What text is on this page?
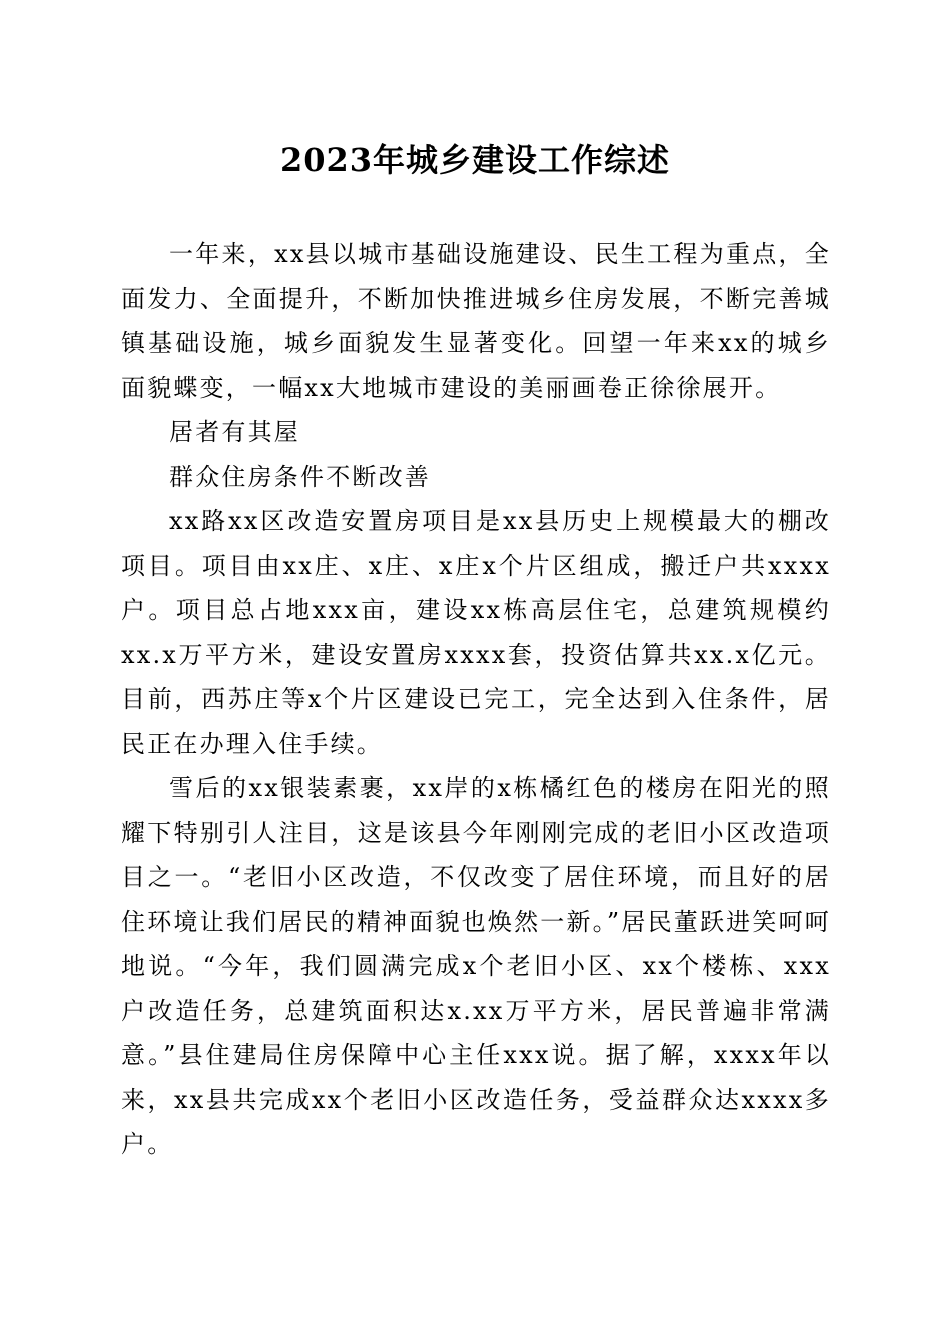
2023年城乡建设工作综述

一年来，xx县以城市基础设施建设、民生工程为重点，全面发力、全面提升，不断加快推进城乡住房发展，不断完善城镇基础设施，城乡面貌发生显著变化。回望一年来xx的城乡面貌蝶变，一幅xx大地城市建设的美丽画卷正徐徐展开。

居者有其屋

群众住房条件不断改善

xx路xx区改造安置房项目是xx县历史上规模最大的棚改项目。项目由xx庄、x庄、x庄x个片区组成，搬迁户共xxxx户。项目总占地xxx亩，建设xx栋高层住宅，总建筑规模约xx.x万平方米，建设安置房xxxx套，投资估算共xx.x亿元。目前，西苏庄等x个片区建设已完工，完全达到入住条件，居民正在办理入住手续。

雪后的xx银装素裹，xx岸的x栋橘红色的楼房在阳光的照耀下特别引人注目，这是该县今年刚刚完成的老旧小区改造项目之一。“老旧小区改造，不仅改变了居住环境，而且好的居住环境让我们居民的精神面貌也焕然一新。”居民董跃进笑呵呵地说。“今年，我们圆满完成x个老旧小区、xx个楼栋、xxx户改造任务，总建筑面积达x.xx万平方米，居民普遍非常满意。”县住建局住房保障中心主任xxx说。据了解，xxxx年以来，xx县共完成xx个老旧小区改造任务，受益群众达xxxx多户。
